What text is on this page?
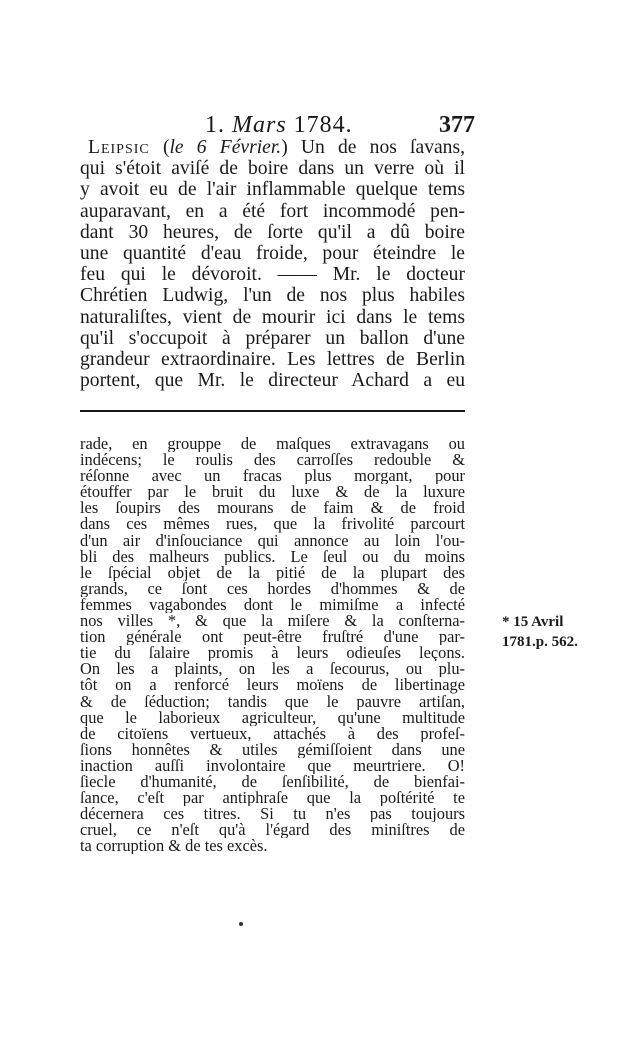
1. Mars 1784.	377
Leipsic (le 6 Février.) Un de nos ſavans,
qui s'étoit aviſé de boire dans un verre où il
y avoit eu de l'air inflammable quelque tems
auparavant, en a été fort incommodé pen-
dant 30 heures, de ſorte qu'il a dû boire
une quantité d'eau froide, pour éteindre le
feu qui le dévoroit. —— Mr. le docteur
Chrétien Ludwig, l'un de nos plus habiles
naturaliſtes, vient de mourir ici dans le tems
qu'il s'occupoit à préparer un ballon d'une
grandeur extraordinaire. Les lettres de Berlin
portent, que Mr. le directeur Achard a eu
rade, en grouppe de maſques extravagans ou
indécens; le roulis des carroſſes redouble &
réſonne avec un fracas plus morgant, pour
étouffer par le bruit du luxe & de la luxure
les ſoupirs des mourans de faim & de froid
dans ces mêmes rues, que la frivolité parcourt
d'un air d'inſouciance qui annonce au loin l'ou-
bli des malheurs publics. Le ſeul ou du moins
le ſpécial objet de la pitié de la plupart des
grands, ce ſont ces hordes d'hommes & de
femmes vagabondes dont le mimiſme a infecté
nos villes *, & que la miſere & la conſterna-
tion générale ont peut-être fruſtré d'une par-
tie du ſalaire promis à leurs odieuſes leçons.
On les a plaints, on les a ſecourus, ou plu-
tôt on a renforcé leurs moïens de libertinage
& de ſéduction; tandis que le pauvre artiſan,
que le laborieux agriculteur, qu'une multitude
de citoïens vertueux, attachés à des profeſ-
ſions honnêtes & utiles gémiſſoient dans une
inaction auſſi involontaire que meurtriere. O!
ſiecle d'humanité, de ſenſibilité, de bienfai-
ſance, c'eſt par antiphraſe que la poſtérité te
décernera ces titres. Si tu n'es pas toujours
cruel, ce n'eſt qu'à l'égard des miniſtres de
ta corruption & de tes excès.
* 15 Avril
1781.p. 562.
